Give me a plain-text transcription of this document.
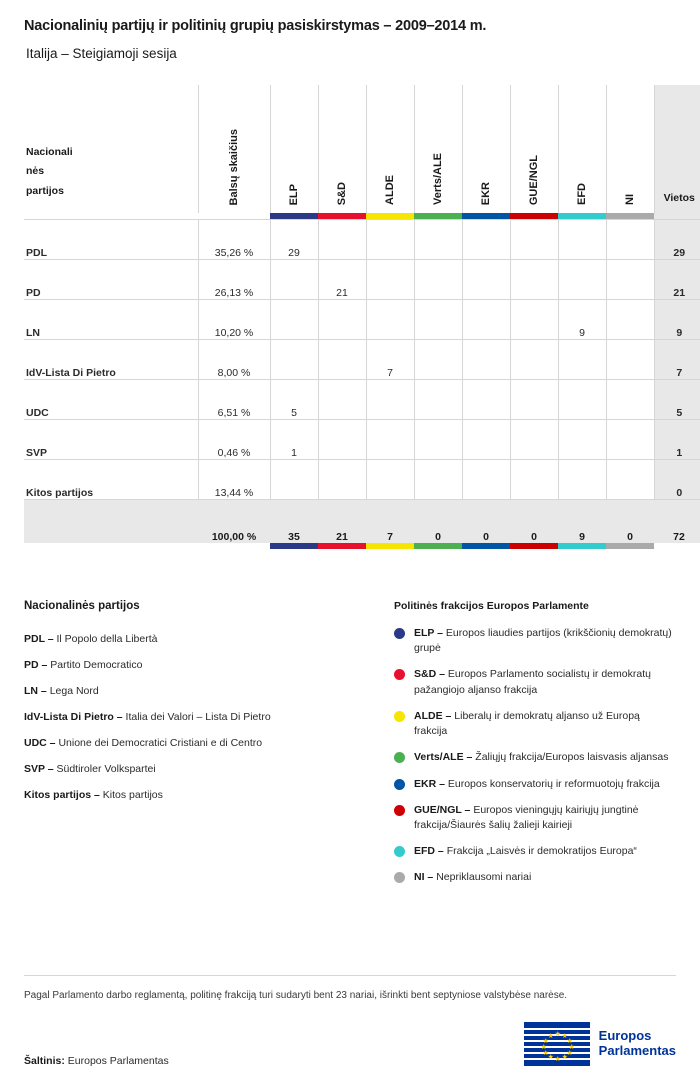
Nacionalinių partijų ir politinių grupių pasiskirstymas – 2009–2014 m.
Italija – Steigiamoji sesija
Nacionali
nės
partijos	Balsų skaičius	ELP	S&D	ALDE	Verts/ALE	EKR	GUE/NGL	EFD	NI	Vietos

PDL	35,26 %	29								29
PD	26,13 %		21							21
LN	10,20 %							9		9
IdV-Lista Di Pietro	8,00 %			7						7
UDC	6,51 %	5								5
SVP	0,46 %	1								1
Kitos partijos	13,44 %									0
	100,00 %	35	21	7	0	0	0	9	0	72

Nacionalinės partijos
PDL – Il Popolo della Libertà
PD – Partito Democratico
LN – Lega Nord
IdV-Lista Di Pietro – Italia dei Valori – Lista Di Pietro
UDC – Unione dei Democratici Cristiani e di Centro
SVP – Südtiroler Volkspartei
Kitos partijos – Kitos partijos
Politinės frakcijos Europos Parlamente
ELP – Europos liaudies partijos (krikščionių demokratų) grupė
S&D – Europos Parlamento socialistų ir demokratų pažangiojo aljanso frakcija
ALDE – Liberalų ir demokratų aljanso už Europą frakcija
Verts/ALE – Žaliųjų frakcija/Europos laisvasis aljansas
EKR – Europos konservatorių ir reformuotojų frakcija
GUE/NGL – Europos vieningųjų kairiųjų jungtinė frakcija/Šiaurės šalių žalieji kairieji
EFD – Frakcija „Laisvės ir demokratijos Europa“
NI – Nepriklausomi nariai
Pagal Parlamento darbo reglamentą, politinę frakciją turi sudaryti bent 23 nariai, išrinkti bent septyniose valstybėse narėse.
Šaltinis: Europos Parlamentas
★ ★
★
★
★
★
★
★
★
★
★
★	Europos
Parlamentas
